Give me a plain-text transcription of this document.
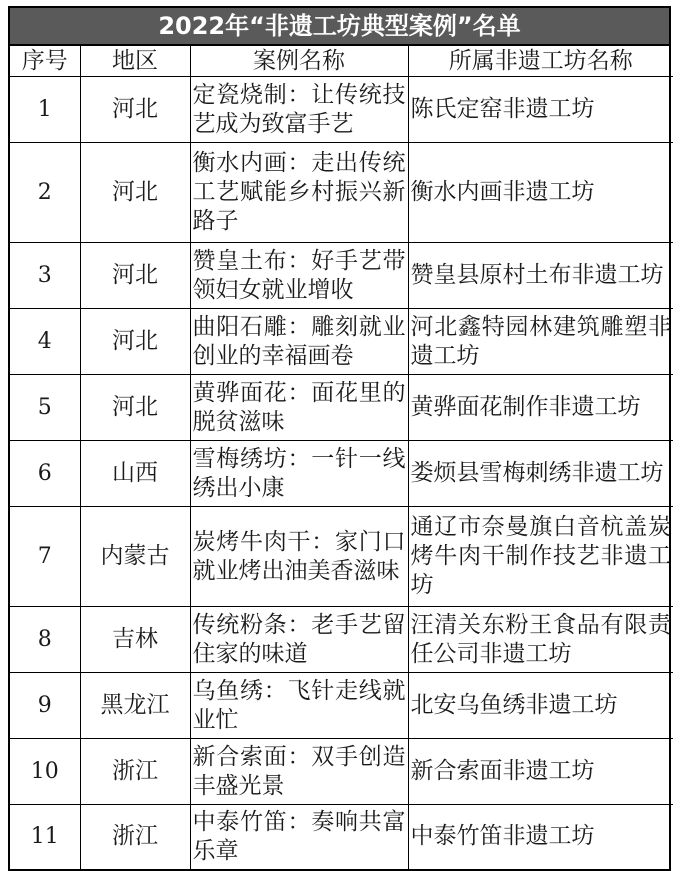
2022年“非遗工坊典型案例”名单
序号	地区	案例名称	所属非遗工坊名称
1	河北	定瓷烧制：让传统技艺成为致富手艺	陈氏定窑非遗工坊
2	河北	衡水内画：走出传统工艺赋能乡村振兴新路子	衡水内画非遗工坊
3	河北	赞皇土布：好手艺带领妇女就业增收	赞皇县原村土布非遗工坊
4	河北	曲阳石雕：雕刻就业创业的幸福画卷	河北鑫特园林建筑雕塑非遗工坊
5	河北	黄骅面花：面花里的脱贫滋味	黄骅面花制作非遗工坊
6	山西	雪梅绣坊：一针一线绣出小康	娄烦县雪梅刺绣非遗工坊
7	内蒙古	炭烤牛肉干：家门口就业烤出油美香滋味	通辽市奈曼旗白音杭盖炭烤牛肉干制作技艺非遗工坊
8	吉林	传统粉条：老手艺留住家的味道	汪清关东粉王食品有限责任公司非遗工坊
9	黑龙江	乌鱼绣：飞针走线就业忙	北安乌鱼绣非遗工坊
10	浙江	新合索面：双手创造丰盛光景	新合索面非遗工坊
11	浙江	中泰竹笛：奏响共富乐章	中泰竹笛非遗工坊
